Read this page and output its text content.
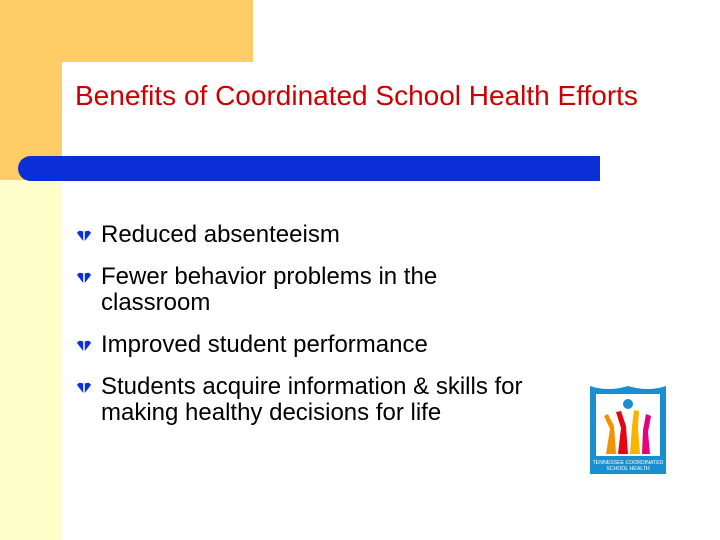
Benefits of Coordinated School Health Efforts
Reduced absenteeism
Fewer behavior problems in the classroom
Improved student performance
Students acquire information & skills for making healthy decisions for life
TENNESSEE COORDINATED
SCHOOL HEALTH
